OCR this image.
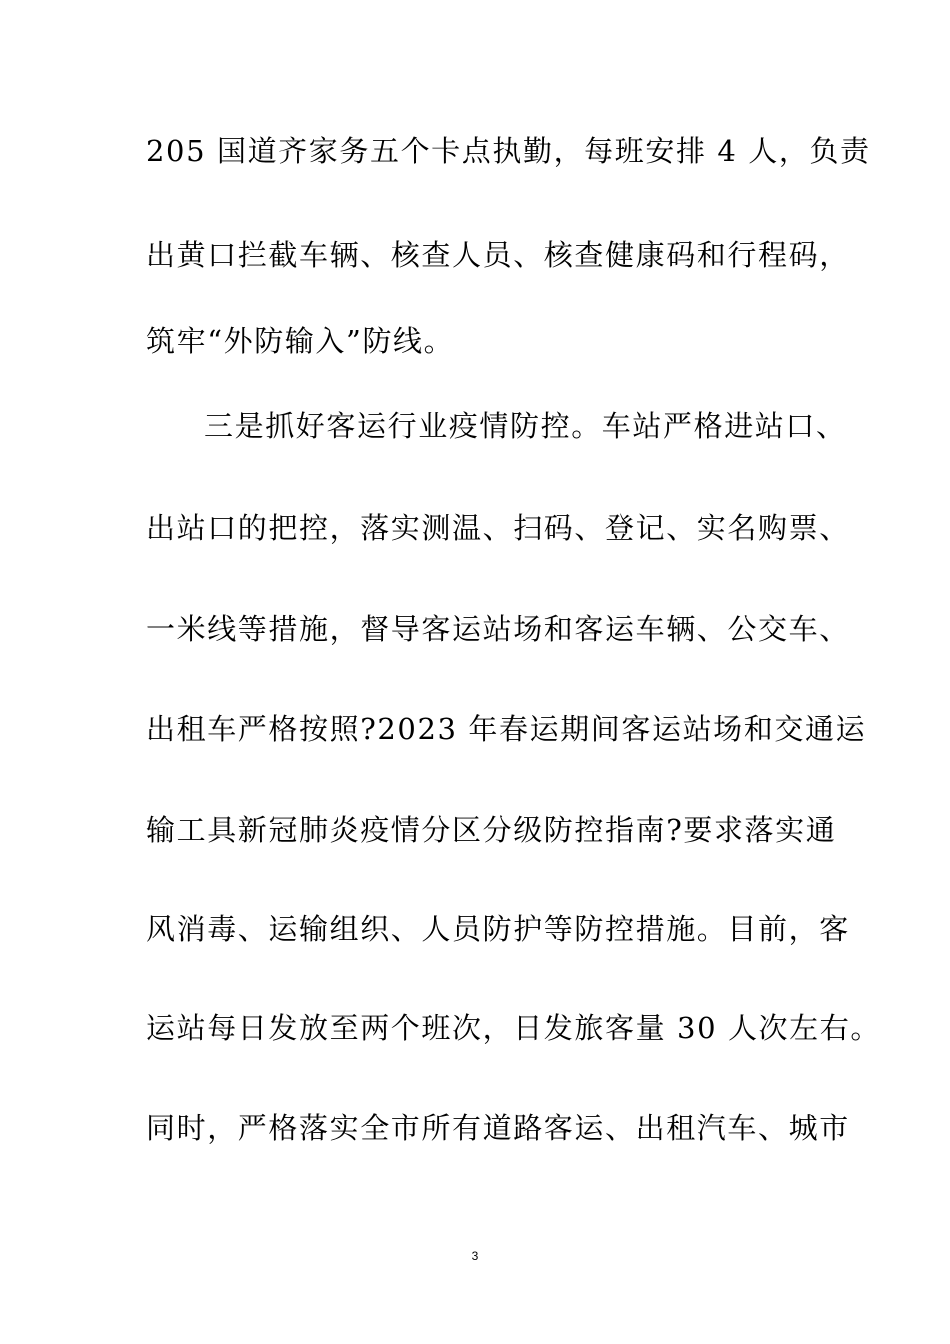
205 国道齐家务五个卡点执勤，每班安排 4 人，负责
出黄口拦截车辆、核查人员、核查健康码和行程码，
筑牢“外防输入”防线。
三是抓好客运行业疫情防控。车站严格进站口、
出站口的把控，落实测温、扫码、登记、实名购票、
一米线等措施，督导客运站场和客运车辆、公交车、
出租车严格按照?2023 年春运期间客运站场和交通运
输工具新冠肺炎疫情分区分级防控指南?要求落实通
风消毒、运输组织、人员防护等防控措施。目前，客
运站每日发放至两个班次，日发旅客量 30 人次左右。
同时，严格落实全市所有道路客运、出租汽车、城市
3
